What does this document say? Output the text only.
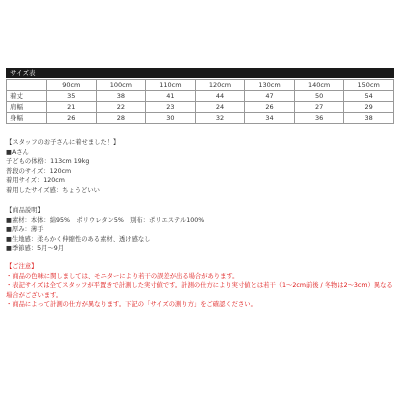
サイズ表
	90cm	100cm	110cm	120cm	130cm	140cm	150cm
着丈	35	38	41	44	47	50	54
肩幅	21	22	23	24	26	27	29
身幅	26	28	30	32	34	36	38
【スタッフのお子さんに着せました！】
■Aさん
子どもの体格：113cm 19kg
普段のサイズ：120cm
着用サイズ：120cm
着用したサイズ感：ちょうどいい
【商品説明】
■素材：本体：綿95%　ポリウレタン5%　別布：ポリエステル100%
■厚み：薄手
■生地感：柔らかく伸縮性のある素材、透け感なし
■季節感：5月～9月
【ご注意】
・商品の色味に関しましては、モニターにより若干の誤差が出る場合があります。
・表記サイズは全てスタッフが平置きで計測した実寸値です。計測の仕方により実寸値とは若干（1～2cm前後 / 冬物は2～3cm）異なる場合がございます。
・商品によって計測の仕方が異なります。下記の「サイズの測り方」をご確認ください。
